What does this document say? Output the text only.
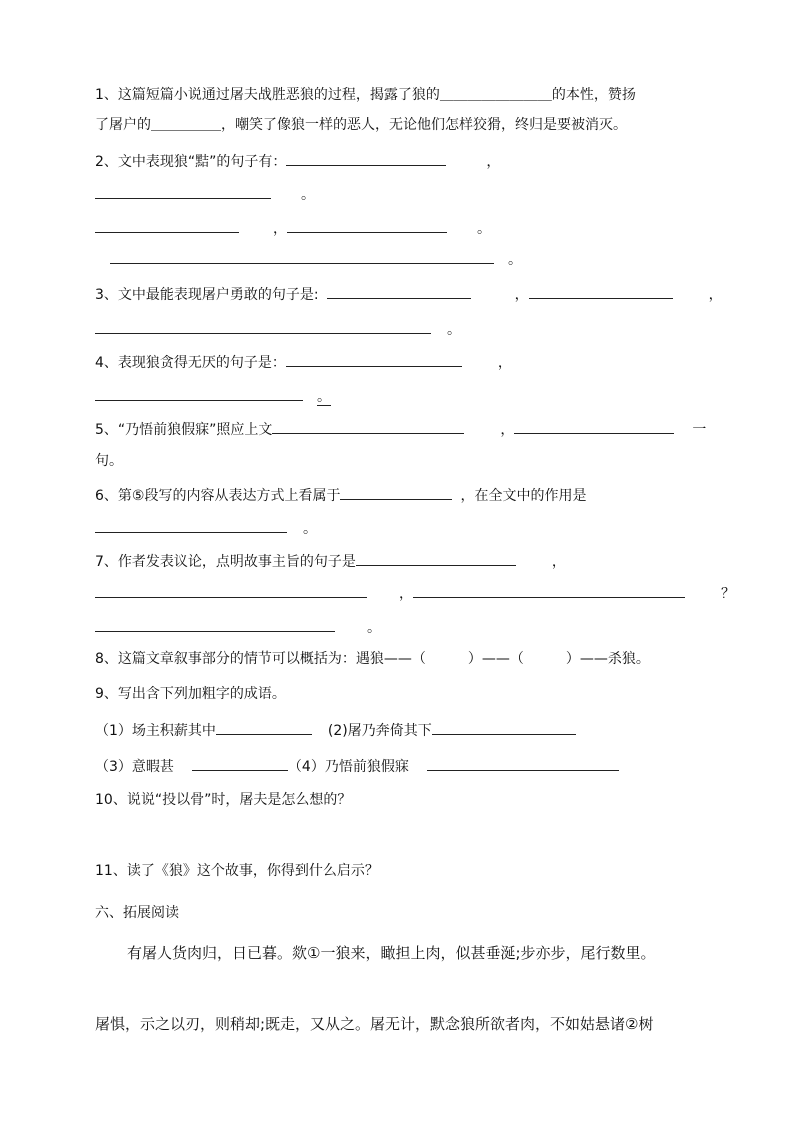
1、这篇短篇小说通过屠夫战胜恶狼的过程，揭露了狼的＿＿＿＿＿＿＿＿的本性，赞扬
了屠户的＿＿＿＿＿，嘲笑了像狼一样的恶人，无论他们怎样狡猾，终归是要被消灭。
2、文中表现狼“黠”的句子有：	，
。
，	。
。
3、文中最能表现屠户勇敢的句子是:	，	，
。
4、表现狼贪得无厌的句子是：	，
。
5、“乃悟前狼假寐”照应上文	，	一
句。
6、第⑤段写的内容从表达方式上看属于	，在全文中的作用是
。
7、作者发表议论，点明故事主旨的句子是	，
，	？
。
8、这篇文章叙事部分的情节可以概括为：遇狼——（　　　）——（　　　）——杀狼。
9、写出含下列加粗字的成语。
（1）场主积薪其中	(2)屠乃奔倚其下
（3）意暇甚	（4）乃悟前狼假寐
10、说说“投以骨”时，屠夫是怎么想的？
11、读了《狼》这个故事，你得到什么启示？
六、拓展阅读
有屠人货肉归，日已暮。欻①一狼来，瞰担上肉，似甚垂涎;步亦步，尾行数里。
屠惧，示之以刃，则稍却;既走，又从之。屠无计，默念狼所欲者肉，不如姑悬诸②树
